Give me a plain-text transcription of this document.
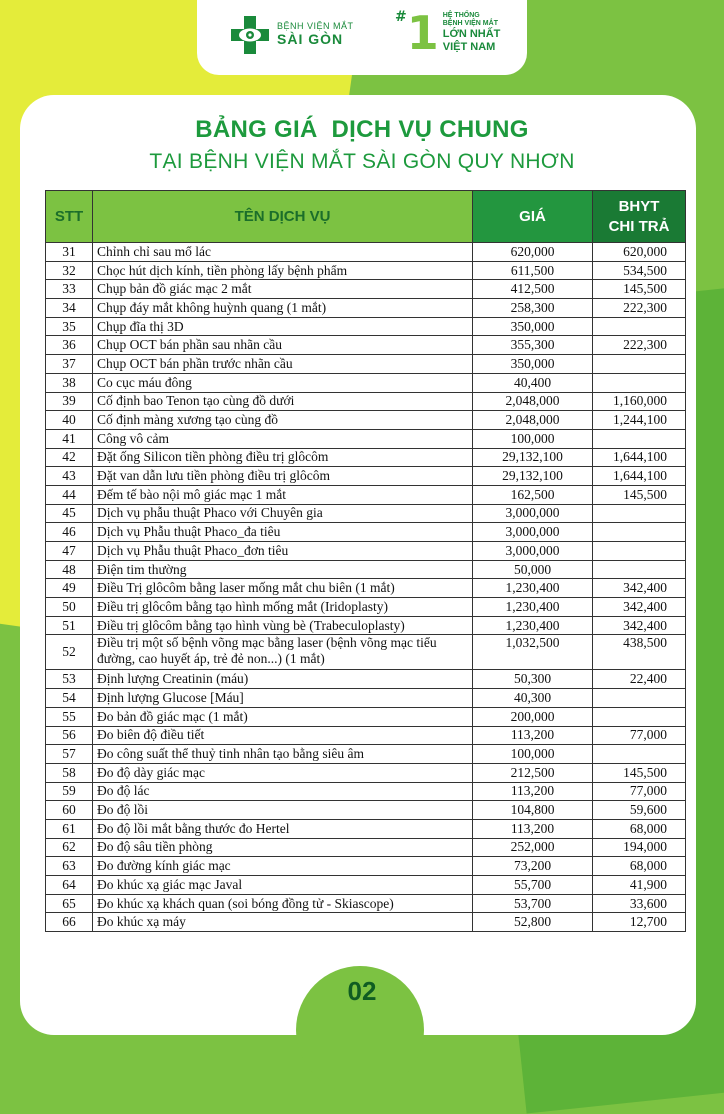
BỆNH VIỆN MẮT
SÀI GÒN
#1 HỆ THỐNG
BỆNH VIỆN MẮT
LỚN NHẤT
VIỆT NAM
BẢNG GIÁ  DỊCH VỤ CHUNG
TẠI BỆNH VIỆN MẮT SÀI GÒN QUY NHƠN
STT	TÊN DỊCH VỤ	GIÁ	BHYT
CHI TRẢ
31	Chỉnh chỉ sau mổ lác	620,000	620,000
32	Chọc hút dịch kính, tiền phòng lấy bệnh phẩm	611,500	534,500
33	Chụp bản đồ giác mạc 2 mắt	412,500	145,500
34	Chụp đáy mắt không huỳnh quang (1 mắt)	258,300	222,300
35	Chụp đĩa thị 3D	350,000	
36	Chụp OCT bán phần sau nhãn cầu	355,300	222,300
37	Chụp OCT bán phần trước nhãn cầu	350,000	
38	Co cục máu đông	40,400	
39	Cố định bao Tenon tạo cùng đồ dưới	2,048,000	1,160,000
40	Cố định màng xương tạo cùng đồ	2,048,000	1,244,100
41	Công vô cảm	100,000	
42	Đặt ống Silicon tiền phòng điều trị glôcôm	29,132,100	1,644,100
43	Đặt van dẫn lưu tiền phòng điều trị glôcôm	29,132,100	1,644,100
44	Đếm tế bào nội mô giác mạc 1 mắt	162,500	145,500
45	Dịch vụ phẫu thuật Phaco với Chuyên gia	3,000,000	
46	Dịch vụ Phẫu thuật Phaco_đa tiêu	3,000,000	
47	Dịch vụ Phẫu thuật Phaco_đơn tiêu	3,000,000	
48	Điện tim thường	50,000	
49	Điều Trị glôcôm bằng laser mống mắt chu biên (1 mắt)	1,230,400	342,400
50	Điều trị glôcôm bằng tạo hình mống mắt (Iridoplasty)	1,230,400	342,400
51	Điều trị glôcôm bằng tạo hình vùng bè (Trabeculoplasty)	1,230,400	342,400
52	Điều trị một số bệnh võng mạc bằng laser (bệnh võng mạc tiểu đường, cao huyết áp, trẻ đẻ non...) (1 mắt)	1,032,500	438,500
53	Định lượng Creatinin (máu)	50,300	22,400
54	Định lượng Glucose [Máu]	40,300	
55	Đo bản đồ giác mạc (1 mắt)	200,000	
56	Đo biên độ điều tiết	113,200	77,000
57	Đo công suất thể thuỷ tinh nhân tạo bằng siêu âm	100,000	
58	Đo độ dày giác mạc	212,500	145,500
59	Đo độ lác	113,200	77,000
60	Đo độ lồi	104,800	59,600
61	Đo độ lồi mắt bằng thước đo Hertel	113,200	68,000
62	Đo độ sâu tiền phòng	252,000	194,000
63	Đo đường kính giác mạc	73,200	68,000
64	Đo khúc xạ giác mạc Javal	55,700	41,900
65	Đo khúc xạ khách quan (soi bóng đồng tử - Skiascope)	53,700	33,600
66	Đo khúc xạ máy	52,800	12,700
02
